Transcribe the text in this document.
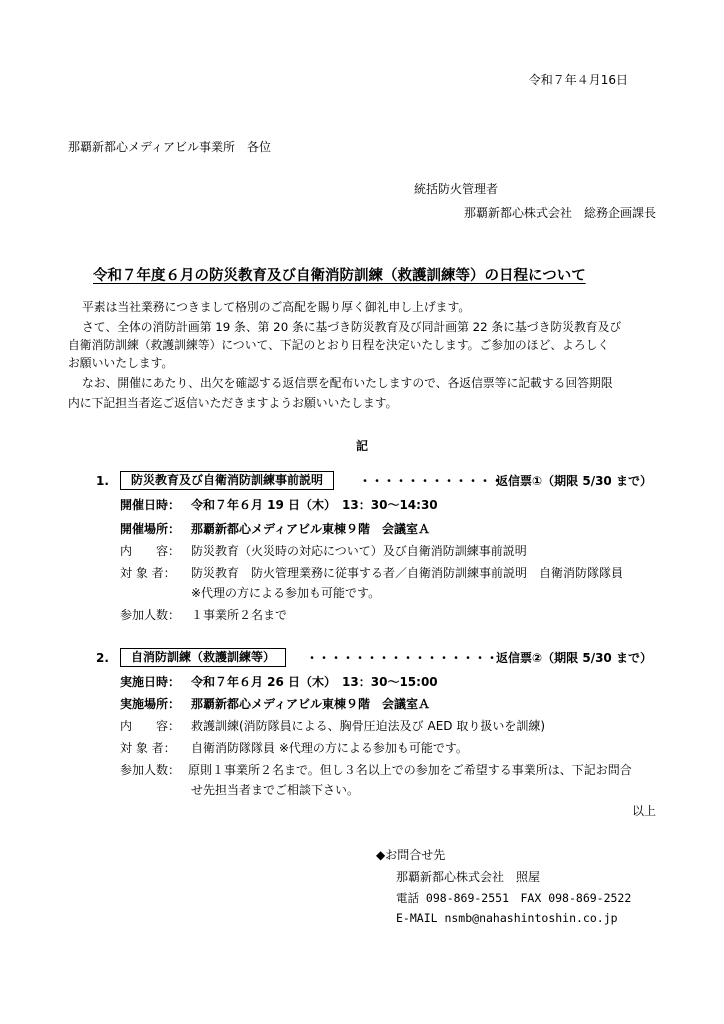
令和７年４月16日
那覇新都心メディアビル事業所　各位
統括防火管理者
那覇新都心株式会社　総務企画課長
令和７年度６月の防災教育及び自衛消防訓練（救護訓練等）の日程について
平素は当社業務につきまして格別のご高配を賜り厚く御礼申し上げます。
さて、全体の消防計画第 19 条、第 20 条に基づき防災教育及び同計画第 22 条に基づき防災教育及び
自衛消防訓練（救護訓練等）について、下記のとおり日程を決定いたします。ご参加のほど、よろしく
お願いいたします。
なお、開催にあたり、出欠を確認する返信票を配布いたしますので、各返信票等に記載する回答期限
内に下記担当者迄ご返信いただきますようお願いいたします。
記
1.	防災教育及び自衛消防訓練事前説明	・・・・・・・・・・・・
返信票①（期限 5/30 まで）
開催日時： 令和７年６月 19 日（木）　13：30～14:30
開催場所： 那覇新都心メディアビル東棟９階　会議室Ａ
内　　容： 防災教育（火災時の対応について）及び自衛消防訓練事前説明
対 象 者： 防災教育　防火管理業務に従事する者／自衛消防訓練事前説明　自衛消防隊隊員
※代理の方による参加も可能です。
参加人数： １事業所２名まで
2.	自消防訓練（救護訓練等）	・・・・・・・・・・・・・・・・
返信票②（期限 5/30 まで）
実施日時： 令和７年６月 26 日（木）　13：30～15:00
実施場所： 那覇新都心メディアビル東棟９階　会議室Ａ
内　　容： 救護訓練(消防隊員による、胸骨圧迫法及び AED 取り扱いを訓練)
対 象 者： 自衛消防隊隊員 ※代理の方による参加も可能です。
参加人数： 原則１事業所２名まで。但し３名以上での参加をご希望する事業所は、下記お問合
せ先担当者までご相談下さい。
以上
◆お問合せ先
那覇新都心株式会社　照屋
電話 098-869-2551　FAX 098-869-2522
E-MAIL nsmb@nahashintoshin.co.jp
